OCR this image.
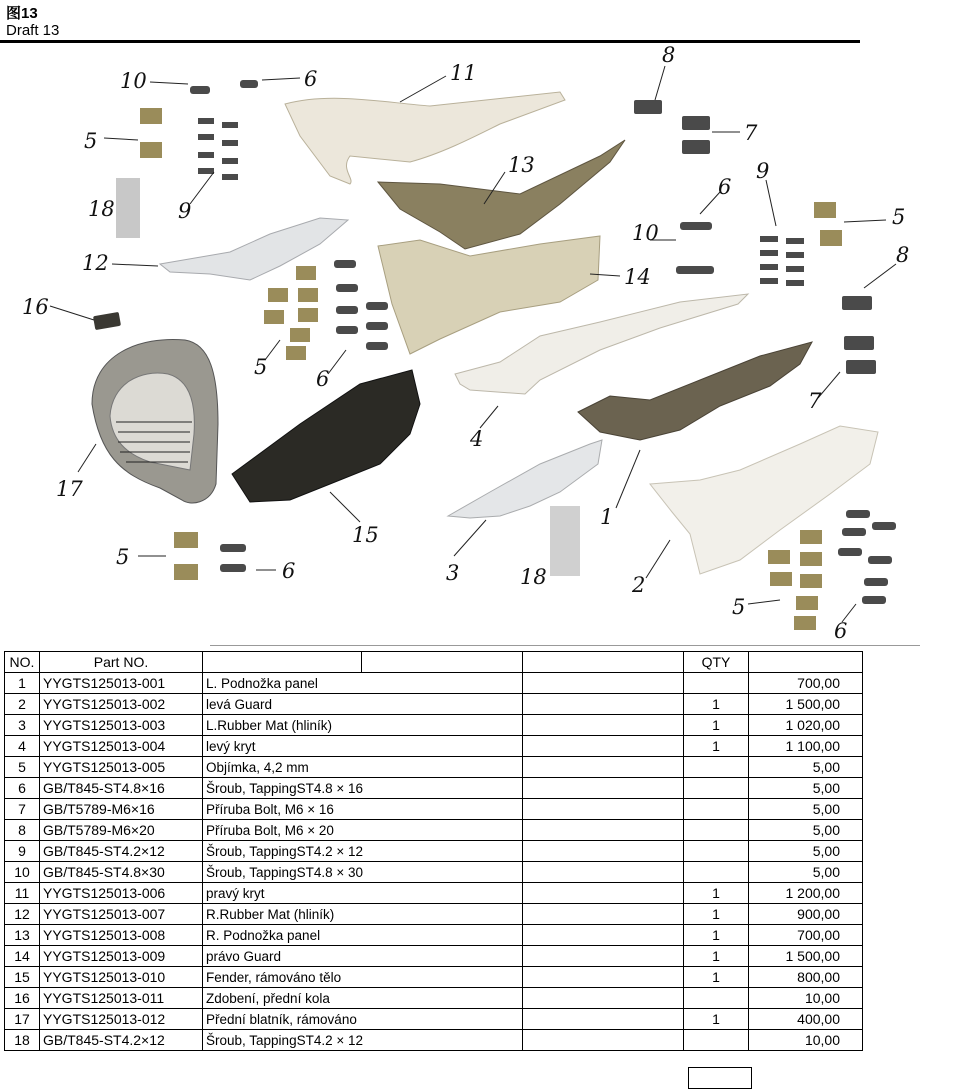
图13
Draft 13
10	6	11
8
7
5
18	9
13
6
9
5
12
10
14
8
16
5 6
4
7
17
1
15
3	18	2
5
6
5
6
NO.	Part NO.				QTY	
1	YYGTS125013-001	L. Podnožka panel				700,00
2	YYGTS125013-002	levá Guard			1	1 500,00
3	YYGTS125013-003	L.Rubber Mat (hliník)			1	1 020,00
4	YYGTS125013-004	levý kryt			1	1 100,00
5	YYGTS125013-005	Objímka, 4,2 mm				5,00
6	GB/T845-ST4.8×16	Šroub, TappingST4.8 × 16				5,00
7	GB/T5789-M6×16	Příruba Bolt, M6 × 16				5,00
8	GB/T5789-M6×20	Příruba Bolt, M6 × 20				5,00
9	GB/T845-ST4.2×12	Šroub, TappingST4.2 × 12				5,00
10	GB/T845-ST4.8×30	Šroub, TappingST4.8 × 30				5,00
11	YYGTS125013-006	pravý kryt			1	1 200,00
12	YYGTS125013-007	R.Rubber Mat (hliník)			1	900,00
13	YYGTS125013-008	R. Podnožka panel			1	700,00
14	YYGTS125013-009	právo Guard			1	1 500,00
15	YYGTS125013-010	Fender, rámováno tělo			1	800,00
16	YYGTS125013-011	Zdobení, přední kola				10,00
17	YYGTS125013-012	Přední blatník, rámováno			1	400,00
18	GB/T845-ST4.2×12	Šroub, TappingST4.2 × 12				10,00
